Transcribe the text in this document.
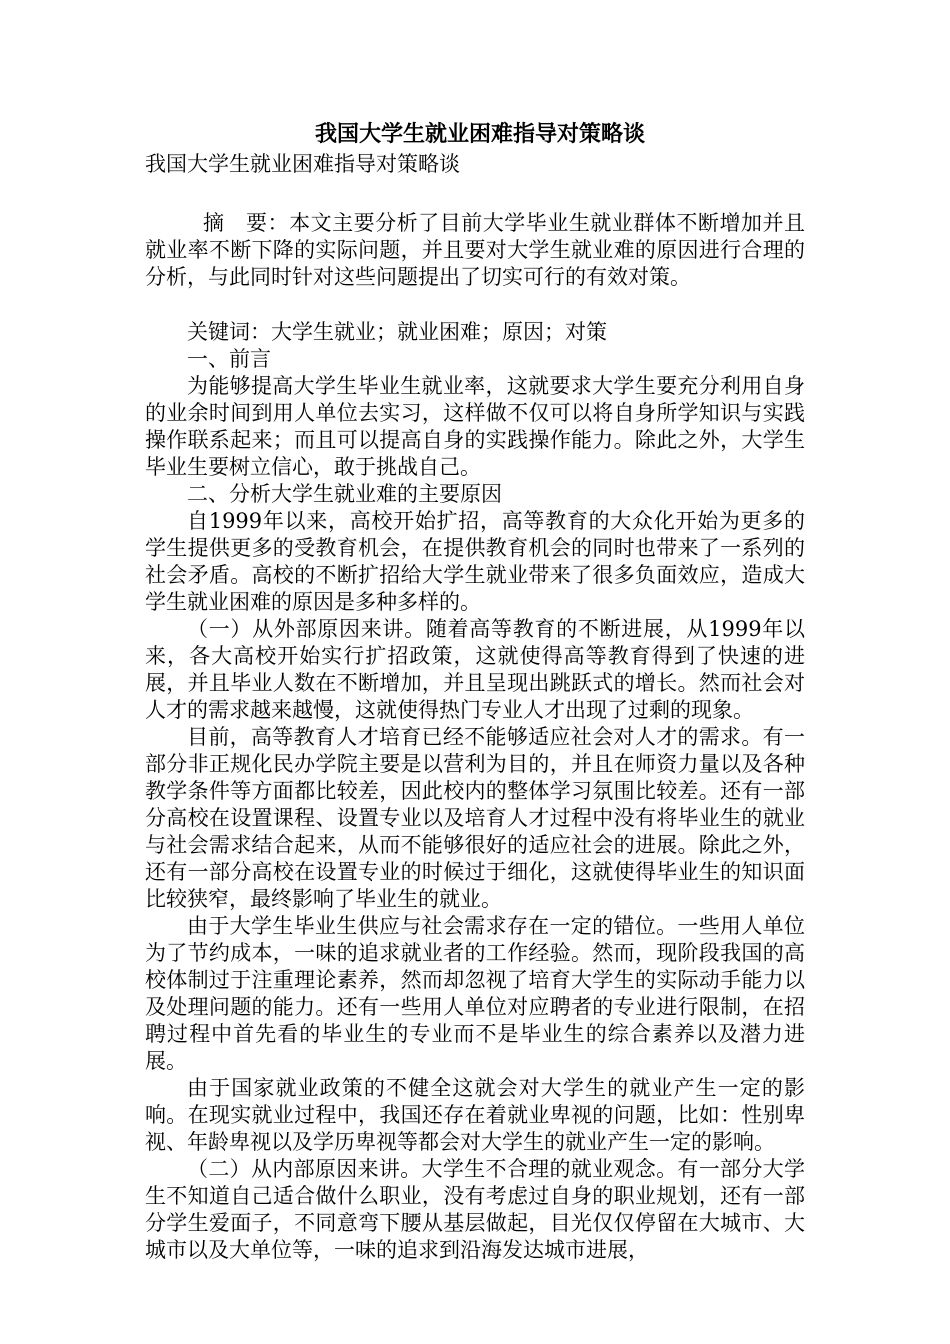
我国大学生就业困难指导对策略谈

我国大学生就业困难指导对策略谈

摘　要：本文主要分析了目前大学毕业生就业群体不断增加并且就业率不断下降的实际问题，并且要对大学生就业难的原因进行合理的分析，与此同时针对这些问题提出了切实可行的有效对策。

关键词：大学生就业；就业困难；原因；对策

一、前言

为能够提高大学生毕业生就业率，这就要求大学生要充分利用自身的业余时间到用人单位去实习，这样做不仅可以将自身所学知识与实践操作联系起来；而且可以提高自身的实践操作能力。除此之外，大学生毕业生要树立信心，敢于挑战自己。

二、分析大学生就业难的主要原因

自1999年以来，高校开始扩招，高等教育的大众化开始为更多的学生提供更多的受教育机会，在提供教育机会的同时也带来了一系列的社会矛盾。高校的不断扩招给大学生就业带来了很多负面效应，造成大学生就业困难的原因是多种多样的。

（一）从外部原因来讲。随着高等教育的不断进展，从1999年以来，各大高校开始实行扩招政策，这就使得高等教育得到了快速的进展，并且毕业人数在不断增加，并且呈现出跳跃式的增长。然而社会对人才的需求越来越慢，这就使得热门专业人才出现了过剩的现象。

目前，高等教育人才培育已经不能够适应社会对人才的需求。有一部分非正规化民办学院主要是以营利为目的，并且在师资力量以及各种教学条件等方面都比较差，因此校内的整体学习氛围比较差。还有一部分高校在设置课程、设置专业以及培育人才过程中没有将毕业生的就业与社会需求结合起来，从而不能够很好的适应社会的进展。除此之外，还有一部分高校在设置专业的时候过于细化，这就使得毕业生的知识面比较狭窄，最终影响了毕业生的就业。

由于大学生毕业生供应与社会需求存在一定的错位。一些用人单位为了节约成本，一味的追求就业者的工作经验。然而，现阶段我国的高校体制过于注重理论素养，然而却忽视了培育大学生的实际动手能力以及处理问题的能力。还有一些用人单位对应聘者的专业进行限制，在招聘过程中首先看的毕业生的专业而不是毕业生的综合素养以及潜力进展。

由于国家就业政策的不健全这就会对大学生的就业产生一定的影响。在现实就业过程中，我国还存在着就业卑视的问题，比如：性别卑视、年龄卑视以及学历卑视等都会对大学生的就业产生一定的影响。

（二）从内部原因来讲。大学生不合理的就业观念。有一部分大学生不知道自己适合做什么职业，没有考虑过自身的职业规划，还有一部分学生爱面子，不同意弯下腰从基层做起，目光仅仅停留在大城市、大城市以及大单位等，一味的追求到沿海发达城市进展，
